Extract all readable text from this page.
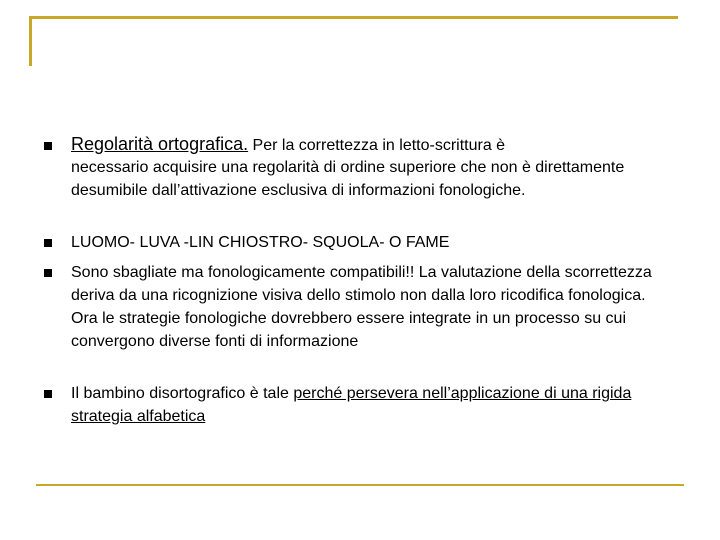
Regolarità ortografica. Per la correttezza in letto-scrittura è

necessario acquisire una regolarità di ordine superiore che non è direttamente desumibile dall’attivazione esclusiva di informazioni fonologiche.

LUOMO- LUVA -LIN CHIOSTRO- SQUOLA- O FAME

Sono sbagliate ma fonologicamente compatibili!! La valutazione della scorrettezza deriva da una ricognizione visiva dello stimolo non dalla loro ricodifica fonologica. Ora le strategie fonologiche dovrebbero essere integrate in un processo su cui convergono diverse fonti di informazione

Il bambino disortografico è tale perché persevera nell’applicazione di una rigida strategia alfabetica
